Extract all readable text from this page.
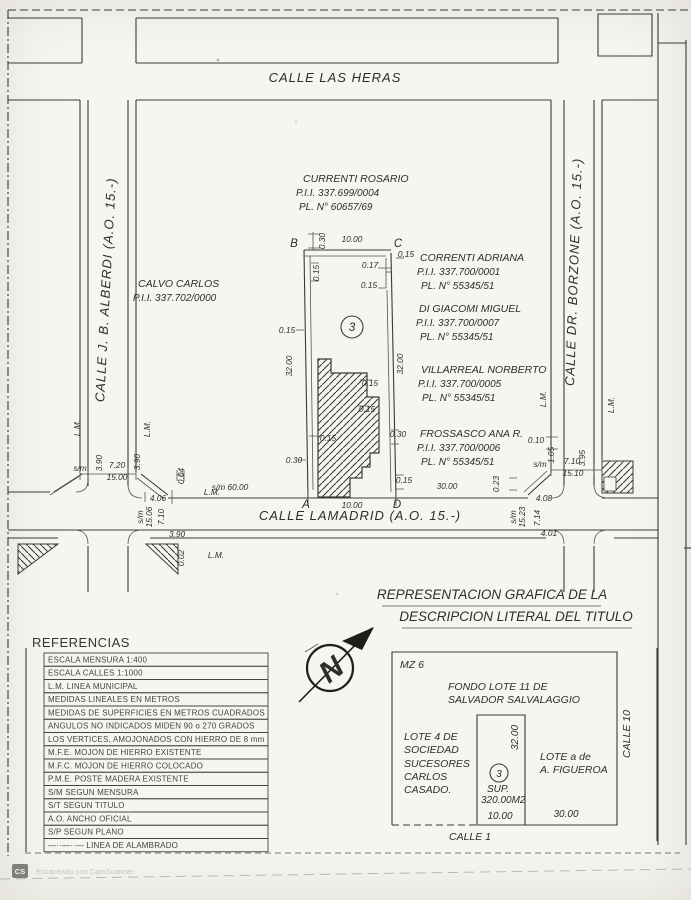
3
B	C
A	D
CALLE LAS HERAS
CALLE LAMADRID (A.O. 15.-)
CALLE J. B. ALBERDI (A.O. 15.-)	CALLE DR. BORZONE (A.O. 15.-)
CURRENTI ROSARIO
P.I.I. 337.699/0004
PL. N° 60657/69
CALVO CARLOS
P.I.I. 337.702/0000
CORRENTI ADRIANA
P.I.I. 337.700/0001
PL. N° 55345/51
DI GIACOMI MIGUEL
P.I.I. 337.700/0007
PL. N° 55345/51
VILLARREAL NORBERTO
P.I.I. 337.700/0005
PL. N° 55345/51
FROSSASCO ANA R.
P.I.I. 337.700/0006
PL. N° 55345/51
0.30 10.00
0.15
0.17
0.15
0.15
0.15
32.00	32.00
0.15
0.15
0.15
0.30
0.30
0.15
10.00
s/m 60.00	30.00
L.M.
L.M.	L.M.
s/m	7.20
15.00
3.90	3.90
0.04
4.06
s/m 15.06 7.10
3.90
0.02	L.M.
L.M.	L.M.
0.10
1.05
s/m 7.10
15.10
3.95
0.23
4.08
s/m 15.23 7.14
4.01
REPRESENTACION GRAFICA DE LA
DESCRIPCION LITERAL DEL TITULO
N
REFERENCIAS
ESCALA MENSURA 1:400
ESCALA CALLES 1:1000
L.M. LINEA MUNICIPAL
MEDIDAS LINEALES EN METROS
MEDIDAS DE SUPERFICIES EN METROS CUADRADOS
ANGULOS NO INDICADOS MIDEN 90 o 270 GRADOS
LOS VERTICES, AMOJONADOS CON HIERRO DE 8 mm
M.F.E. MOJON DE HIERRO EXISTENTE
M.F.C. MOJON DE HIERRO COLOCADO
P.M.E. POSTE MADERA EXISTENTE
S/M SEGUN MENSURA
S/T SEGUN TITULO
A.O. ANCHO OFICIAL
S/P SEGUN PLANO
—··—··— LINEA DE ALAMBRADO
MZ 6
FONDO LOTE 11 DE
SALVADOR SALVALAGGIO
LOTE 4 DE
SOCIEDAD
SUCESORES
CARLOS
CASADO.
LOTE a de
A. FIGUEROA
SUP.
320.00M2
32.00
10.00	30.00
3
CALLE 10
CALLE 1
CS Escaneado con CamScanner
